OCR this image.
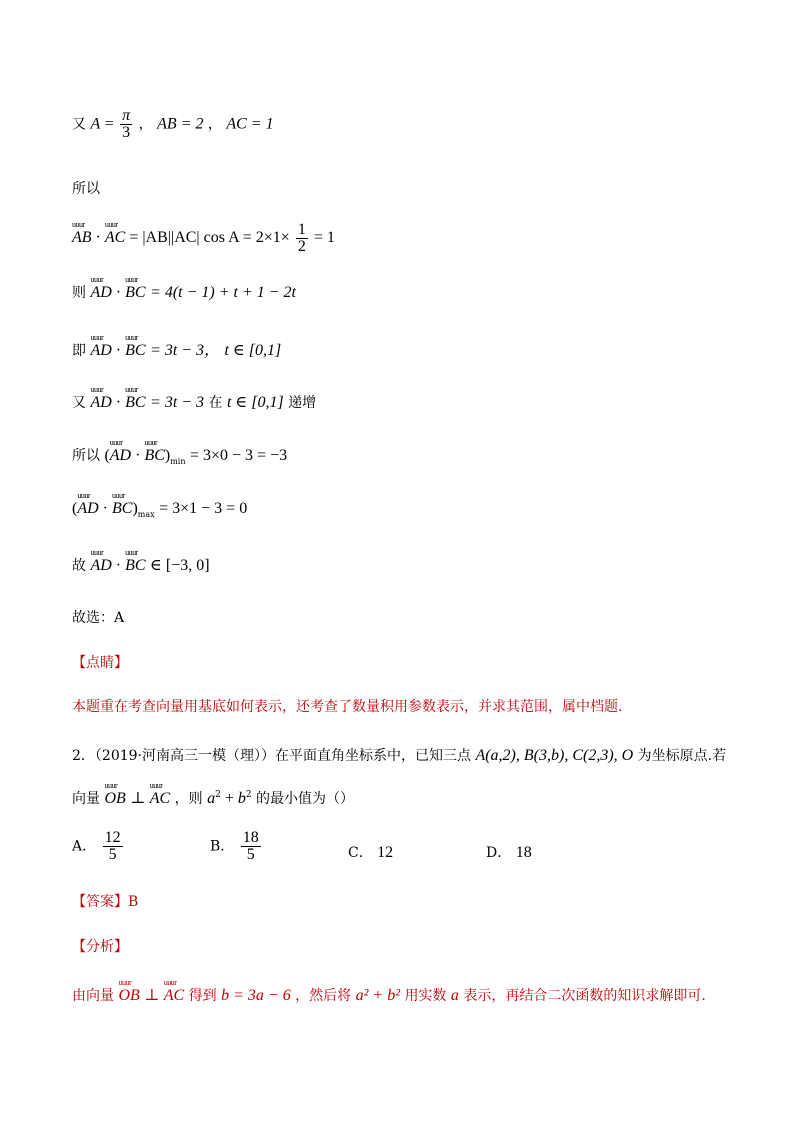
又 $A = \frac{\pi}{3}$ ， AB = 2 ， AC = 1
所以
uuur AB · uuur AC = |AB||AC| $\cos A = 2\times 1\times \frac{1}{2} = 1$
则 uuur AD · uuur BC = 4(t − 1) + t + 1 − 2t
即 uuur AD · uuur BC = 3t − 3， t ∈ [0,1]
又 uuur AD · uuur BC = 3t − 3 在 t ∈ [0,1] 递增
所以 (uuur AD · uuur $BC)_{min} = 3\times 0 - 3 = -3$
(uuur AD · uuur $BC)_{max} = 3\times 1 - 3 = 0$
故 uuur AD · uuur BC ∈ [−3, 0]
故选：A
【点睛】
本题重在考查向量用基底如何表示，还考查了数量积用参数表示，并求其范围，属中档题.
2．（2019·河南高三一模（理））在平面直角坐标系中，已知三点 A(a,2), B(3,b), C(2,3), O 为坐标原点.若
向量 uuur OB ⊥ uuur AC ，则 $a^2 + b^2$ 的最小值为（）
A． $\frac{12}{5}$	B． $\frac{18}{5}$	C． 12	D． 18
【答案】B
【分析】
由向量 uuur OB ⊥ uuur AC 得到 b = 3a − 6 ，然后将 a² + b² 用实数 a 表示，再结合二次函数的知识求解即可.
